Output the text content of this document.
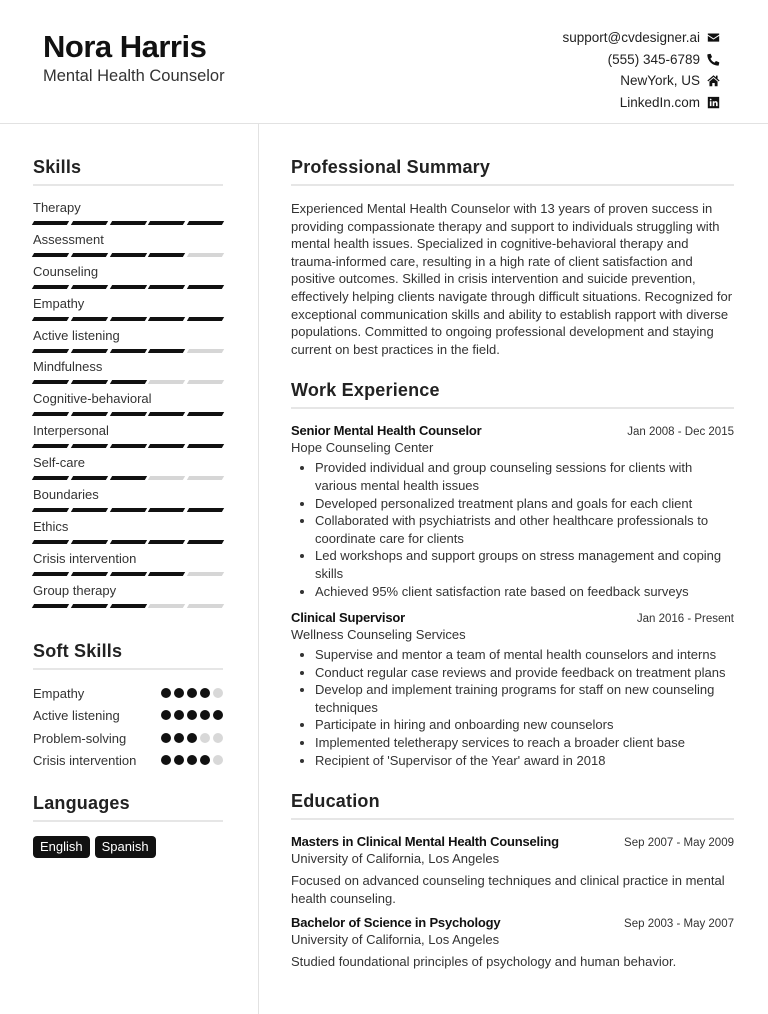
Nora Harris
Mental Health Counselor
support@cvdesigner.ai
(555) 345-6789
NewYork, US
LinkedIn.com
Skills
Therapy
Assessment
Counseling
Empathy
Active listening
Mindfulness
Cognitive-behavioral
Interpersonal
Self-care
Boundaries
Ethics
Crisis intervention
Group therapy
Soft Skills
Empathy
Active listening
Problem-solving
Crisis intervention
Languages
English	Spanish
Professional Summary

Experienced Mental Health Counselor with 13 years of proven success in providing compassionate therapy and support to individuals struggling with mental health issues. Specialized in cognitive-behavioral therapy and trauma-informed care, resulting in a high rate of client satisfaction and positive outcomes. Skilled in crisis intervention and suicide prevention, effectively helping clients navigate through difficult situations. Recognized for exceptional communication skills and ability to establish rapport with diverse populations. Committed to ongoing professional development and staying current on best practices in the field.

Work Experience
Senior Mental Health Counselor	Jan 2008 - Dec 2015
Hope Counseling Center
Provided individual and group counseling sessions for clients with various mental health issues
Developed personalized treatment plans and goals for each client
Collaborated with psychiatrists and other healthcare professionals to coordinate care for clients
Led workshops and support groups on stress management and coping skills
Achieved 95% client satisfaction rate based on feedback surveys
Clinical Supervisor	Jan 2016 - Present
Wellness Counseling Services
Supervise and mentor a team of mental health counselors and interns
Conduct regular case reviews and provide feedback on treatment plans
Develop and implement training programs for staff on new counseling techniques
Participate in hiring and onboarding new counselors
Implemented teletherapy services to reach a broader client base
Recipient of 'Supervisor of the Year' award in 2018
Education
Masters in Clinical Mental Health Counseling	Sep 2007 - May 2009
University of California, Los Angeles

Focused on advanced counseling techniques and clinical practice in mental health counseling.

Bachelor of Science in Psychology	Sep 2003 - May 2007
University of California, Los Angeles

Studied foundational principles of psychology and human behavior.
